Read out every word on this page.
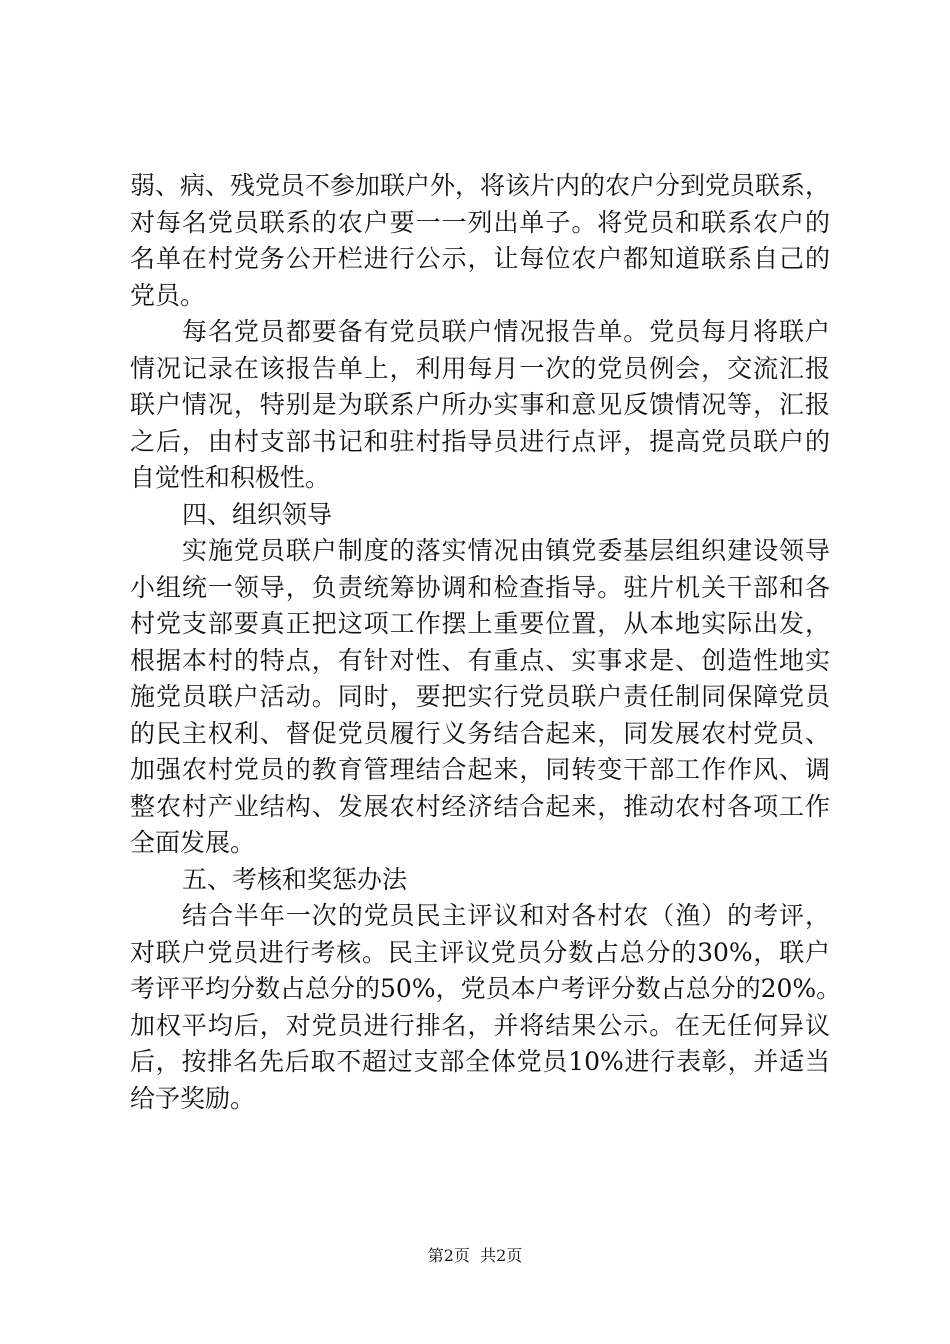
弱、病、残党员不参加联户外，将该片内的农户分到党员联系，
对每名党员联系的农户要一一列出单子。将党员和联系农户的
名单在村党务公开栏进行公示，让每位农户都知道联系自己的
党员。
每名党员都要备有党员联户情况报告单。党员每月将联户
情况记录在该报告单上，利用每月一次的党员例会，交流汇报
联户情况，特别是为联系户所办实事和意见反馈情况等，汇报
之后，由村支部书记和驻村指导员进行点评，提高党员联户的
自觉性和积极性。
四、组织领导
实施党员联户制度的落实情况由镇党委基层组织建设领导
小组统一领导，负责统筹协调和检查指导。驻片机关干部和各
村党支部要真正把这项工作摆上重要位置，从本地实际出发，
根据本村的特点，有针对性、有重点、实事求是、创造性地实
施党员联户活动。同时，要把实行党员联户责任制同保障党员
的民主权利、督促党员履行义务结合起来，同发展农村党员、
加强农村党员的教育管理结合起来，同转变干部工作作风、调
整农村产业结构、发展农村经济结合起来，推动农村各项工作
全面发展。
五、考核和奖惩办法
结合半年一次的党员民主评议和对各村农（渔）的考评，
对联户党员进行考核。民主评议党员分数占总分的30%，联户
考评平均分数占总分的50%，党员本户考评分数占总分的20%。
加权平均后，对党员进行排名，并将结果公示。在无任何异议
后，按排名先后取不超过支部全体党员10%进行表彰，并适当
给予奖励。
第2页  共2页
